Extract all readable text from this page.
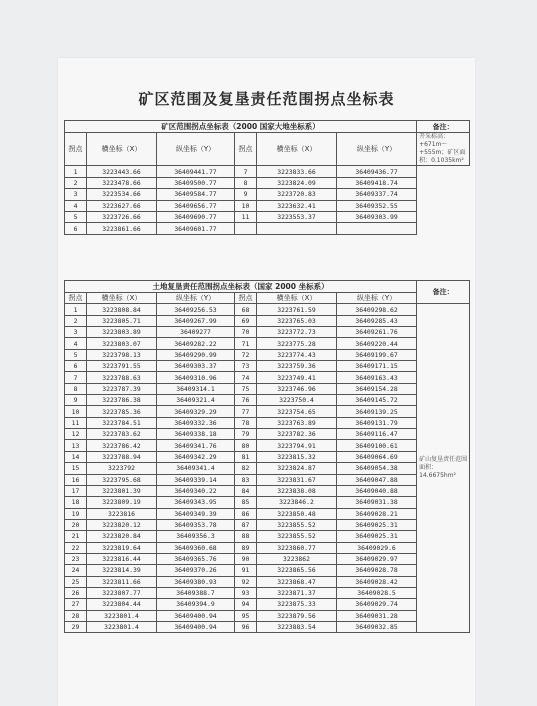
矿区范围及复垦责任范围拐点坐标表
矿区范围拐点坐标表（2000 国家大地坐标系）						备注：
拐点	横坐标（X）	纵坐标（Y）	拐点	横坐标（X）	纵坐标（Y）	开采标高：+671m～+555m；矿区面积：0.1035km²
1	3223443.66	36409441.77	7	3223833.66	36409436.77	
2	3223478.66	36409500.77	8	3223824.09	36409418.74	
3	3223534.66	36409584.77	9	3223720.83	36409337.74	
4	3223627.66	36409656.77	10	3223632.41	36409352.55	
5	3223726.66	36409690.77	11	3223553.37	36409303.99	
6	3223861.66	36409601.77				
土地复垦责任范围拐点坐标表（国家 2000 坐标系）						备注：
拐点	横坐标（X）	纵坐标（Y）	拐点	横坐标（X）	纵坐标（Y）	
1	3223808.84	36409256.53	68	3223761.59	36409298.62	矿山复垦责任范围面积：14.6675hm²
2	3223805.71	36409267.99	69	3223765.03	36409285.43	
3	3223803.89	36409277	70	3223772.73	36409261.76	
4	3223803.07	36409282.22	71	3223775.28	36409220.44	
5	3223798.13	36409290.99	72	3223774.43	36409199.67	
6	3223791.55	36409303.37	73	3223759.36	36409171.15	
7	3223788.63	36409310.96	74	3223749.41	36409163.43	
8	3223787.39	36409314.1	75	3223746.96	36409154.28	
9	3223786.38	36409321.4	76	3223750.4	36409145.72	
10	3223785.36	36409329.29	77	3223754.65	36409139.25	
11	3223784.51	36409332.36	78	3223763.89	36409131.79	
12	3223783.62	36409338.18	79	3223782.36	36409116.47	
13	3223786.42	36409341.76	80	3223794.91	36409100.61	
14	3223788.94	36409342.29	81	3223815.32	36409064.69	
15	3223792	36409341.4	82	3223824.87	36409054.38	
16	3223795.68	36409339.14	83	3223831.67	36409047.88	
17	3223801.39	36409340.22	84	3223838.08	36409040.88	
18	3223809.19	36409343.95	85	3223846.2	36409031.38	
19	3223816	36409349.39	86	3223850.48	36409028.21	
20	3223820.12	36409353.78	87	3223855.52	36409025.31	
21	3223820.84	36409356.3	88	3223855.52	36409025.31	
22	3223819.64	36409360.68	89	3223860.77	36409029.6	
23	3223816.44	36409365.76	90	3223862	36409029.97	
24	3223814.39	36409370.26	91	3223865.56	36409028.78	
25	3223811.66	36409380.93	92	3223868.47	36409028.42	
26	3223807.77	36409388.7	93	3223871.37	36409028.5	
27	3223804.44	36409394.9	94	3223875.33	36409029.74	
28	3223801.4	36409400.94	95	3223879.56	36409031.28	
29	3223801.4	36409400.94	96	3223883.54	36409032.85	
